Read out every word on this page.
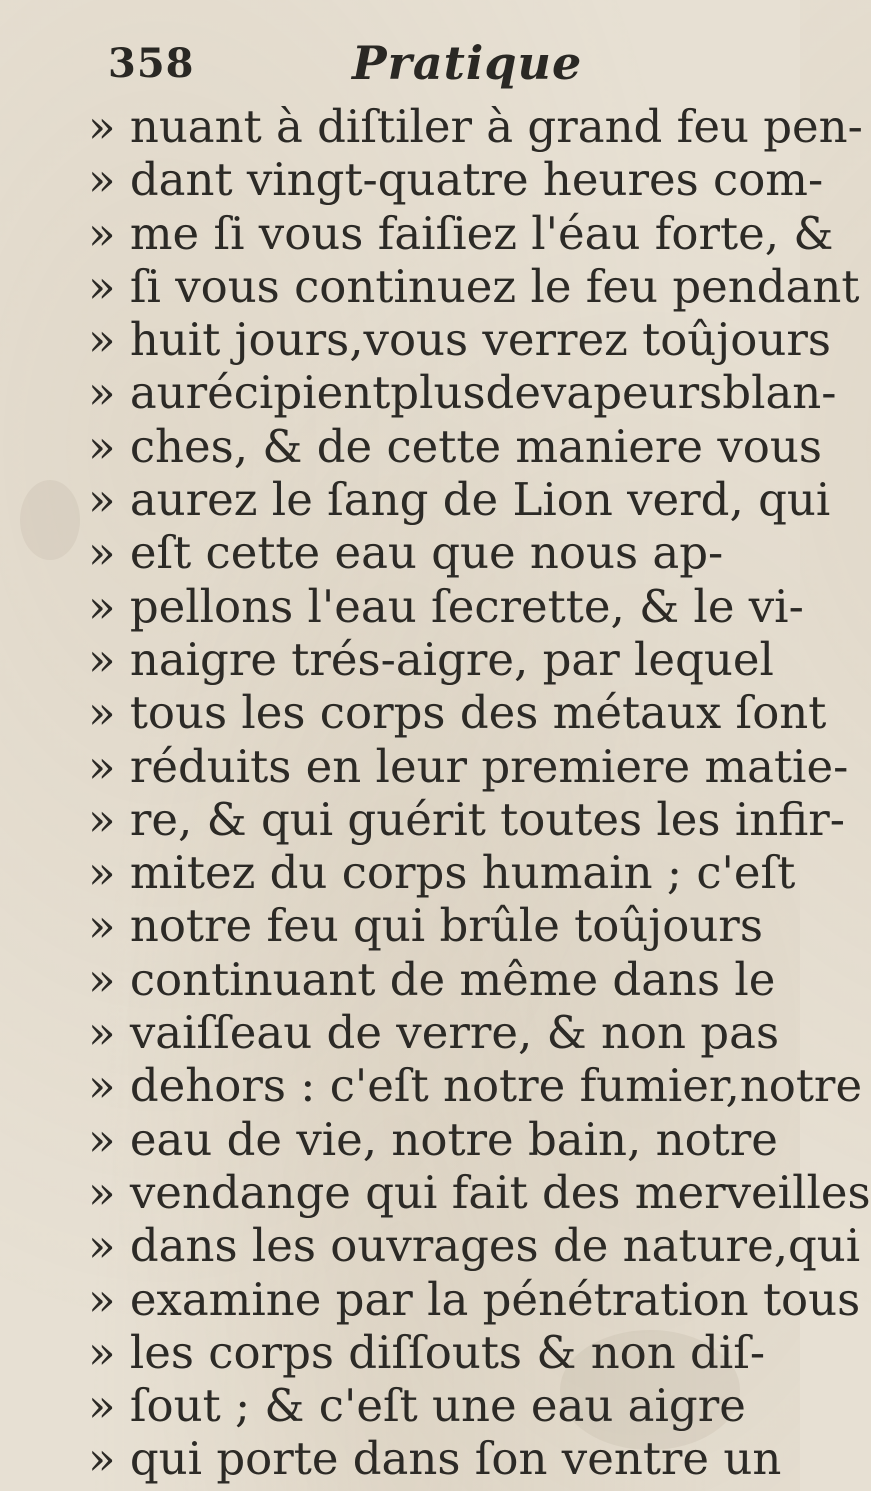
358	Pratique
» nuant à diſtiler à grand feu pen-
» dant vingt-quatre heures com-
» me ſi vous faiſiez l'éau forte, &
» ſi vous continuez le feu pendant
» huit jours,vous verrez toûjours
» aurécipientplusdevapeursblan-
» ches, & de cette maniere vous
» aurez le ſang de Lion verd, qui
» eſt cette eau que nous ap-
» pellons l'eau ſecrette, & le vi-
» naigre trés-aigre, par lequel
» tous les corps des métaux ſont
» réduits en leur premiere matie-
» re, & qui guérit toutes les infir-
» mitez du corps humain ; c'eſt
» notre feu qui brûle toûjours
» continuant de même dans le
» vaiſſeau de verre, & non pas
» dehors : c'eſt notre fumier,notre
» eau de vie, notre bain, notre
» vendange qui fait des merveilles
» dans les ouvrages de nature,qui
» examine par la pénétration tous
» les corps diſſouts & non diſ-
» ſout ; & c'eſt une eau aigre
» qui porte dans ſon ventre un
